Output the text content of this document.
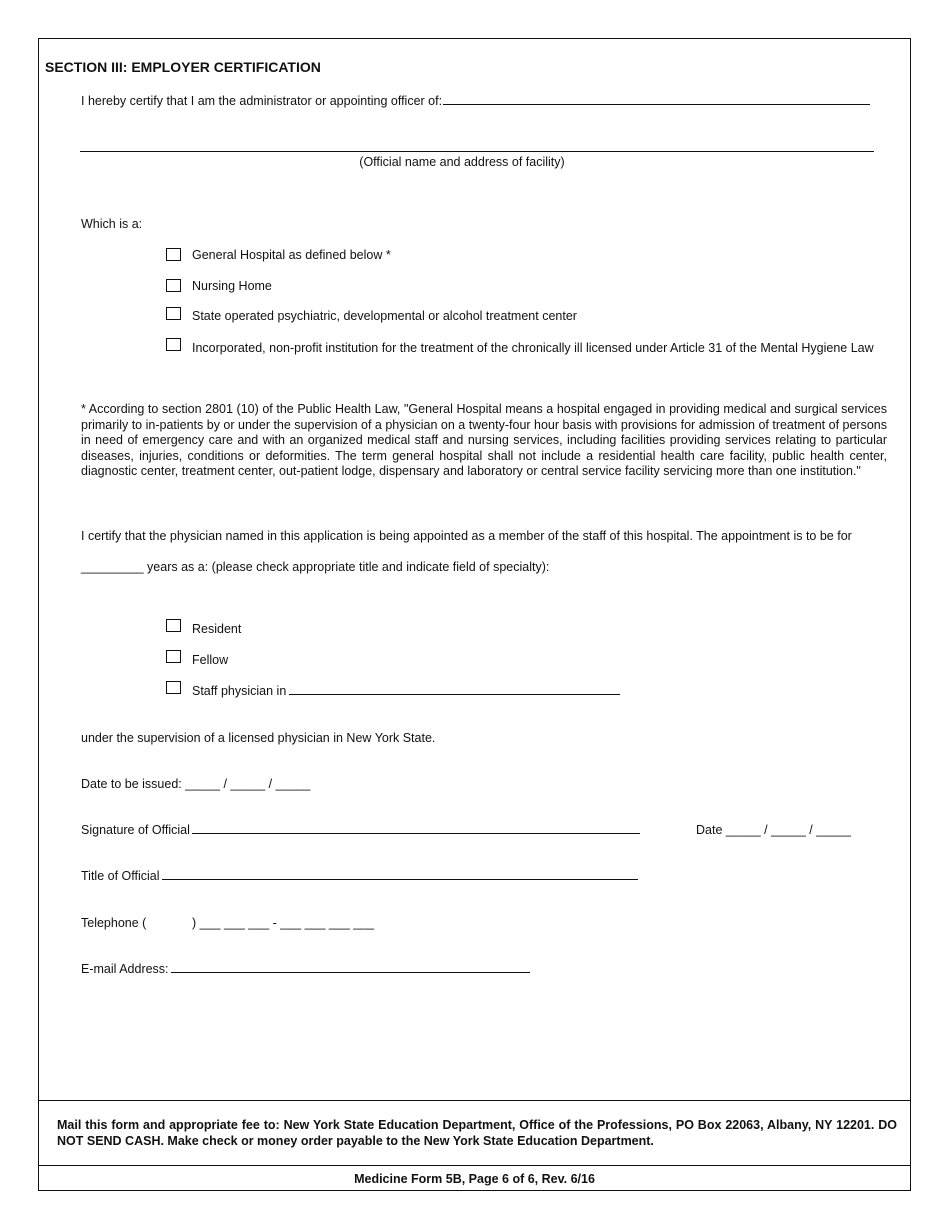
SECTION III: EMPLOYER CERTIFICATION
I hereby certify that I am the administrator or appointing officer of:
(Official name and address of facility)
Which is a:
General Hospital as defined below *
Nursing Home
State operated psychiatric, developmental or alcohol treatment center
Incorporated, non-profit institution for the treatment of the chronically ill licensed under Article 31 of the Mental Hygiene Law
* According to section 2801 (10) of the Public Health Law, "General Hospital means a hospital engaged in providing medical and surgical services primarily to in-patients by or under the supervision of a physician on a twenty-four hour basis with provisions for admission of treatment of persons in need of emergency care and with an organized medical staff and nursing services, including facilities providing services relating to particular diseases, injuries, conditions or deformities. The term general hospital shall not include a residential health care facility, public health center, diagnostic center, treatment center, out-patient lodge, dispensary and laboratory or central service facility servicing more than one institution."
I certify that the physician named in this application is being appointed as a member of the staff of this hospital. The appointment is to be for
_________ years as a: (please check appropriate title and indicate field of specialty):
Resident
Fellow
Staff physician in
under the supervision of a licensed physician in New York State.
Date to be issued: _____ / _____ / _____
Signature of Official	Date _____ / _____ / _____
Title of Official
Telephone (	) ___ ___ ___ - ___ ___ ___ ___
E-mail Address:
Mail this form and appropriate fee to: New York State Education Department, Office of the Professions, PO Box 22063, Albany, NY 12201. DO NOT SEND CASH. Make check or money order payable to the New York State Education Department.
Medicine Form 5B, Page 6 of 6, Rev. 6/16
